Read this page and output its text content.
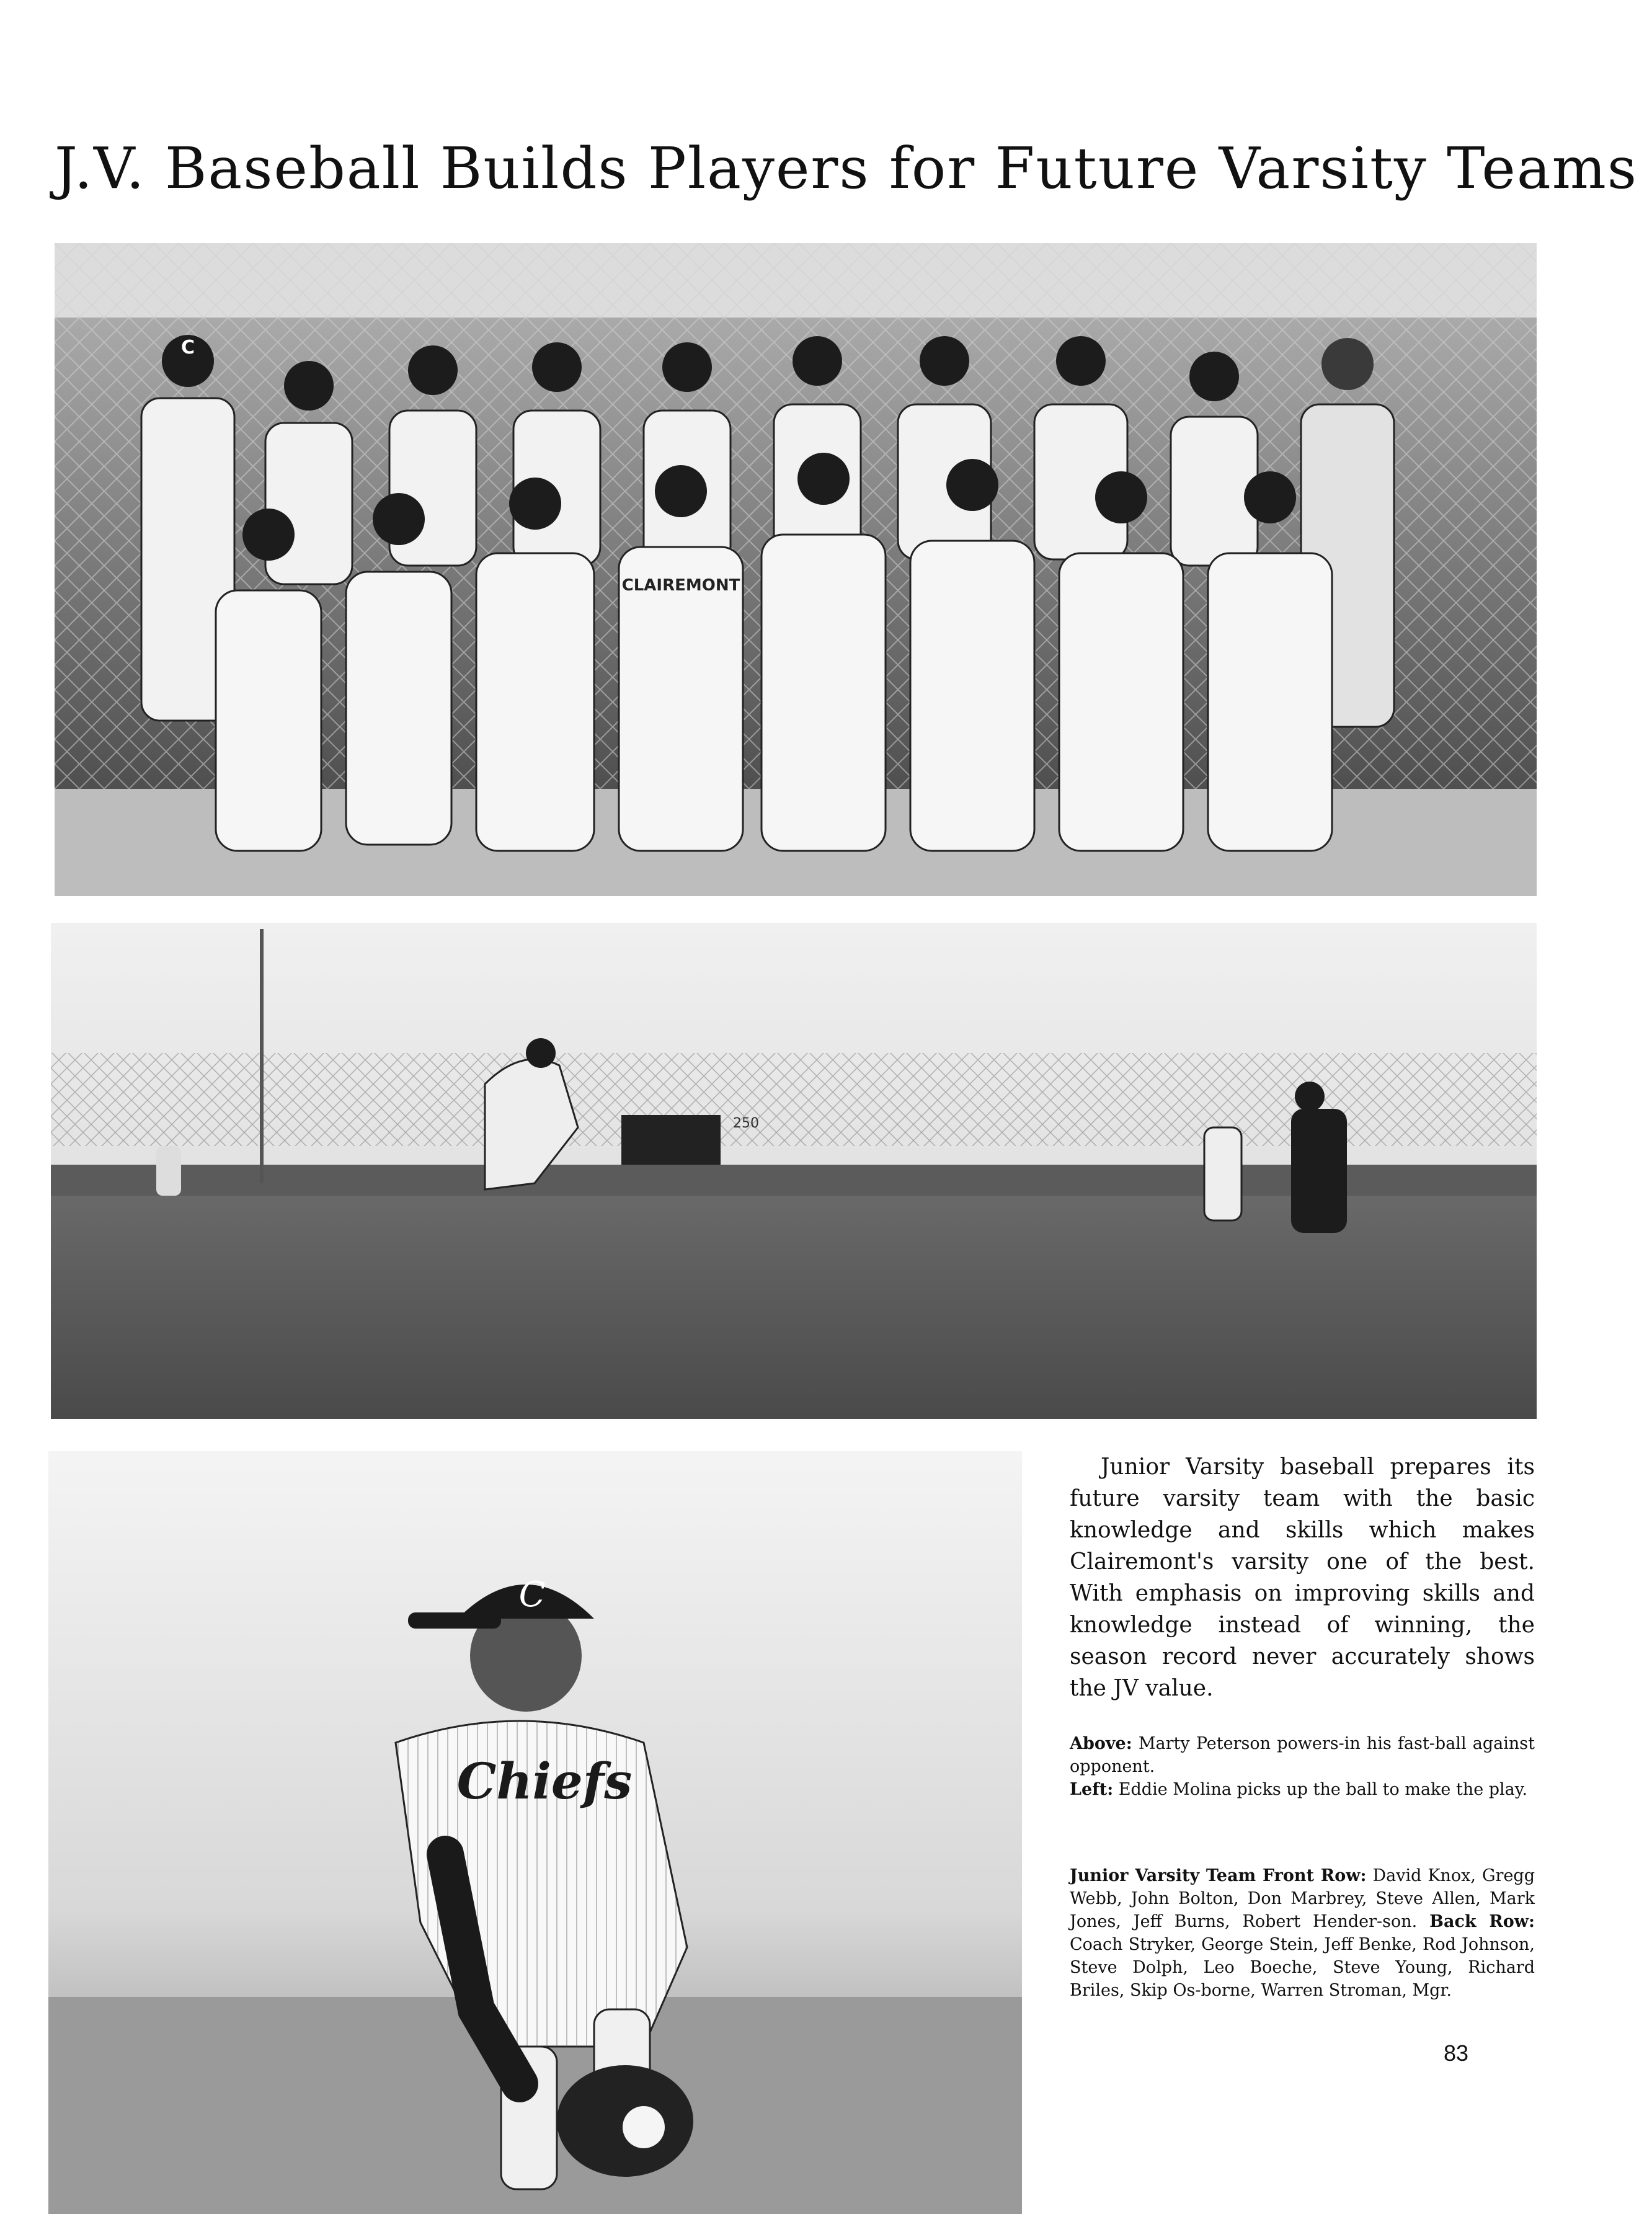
J.V. Baseball Builds Players for Future Varsity Teams
C
CLAIREMONT
250
C
Chiefs

Junior Varsity baseball prepares its future varsity team with the basic knowledge and skills which makes Clairemont's varsity one of the best. With emphasis on improving skills and knowledge instead of winning, the season record never accurately shows the JV value.

Above: Marty Peterson powers-in his fast-ball against opponent.
Left: Eddie Molina picks up the ball to make the play.

Junior Varsity Team Front Row: David Knox, Gregg Webb, John Bolton, Don Marbrey, Steve Allen, Mark Jones, Jeff Burns, Robert Hender-son. Back Row: Coach Stryker, George Stein, Jeff Benke, Rod Johnson, Steve Dolph, Leo Boeche, Steve Young, Richard Briles, Skip Os-borne, Warren Stroman, Mgr.

83
